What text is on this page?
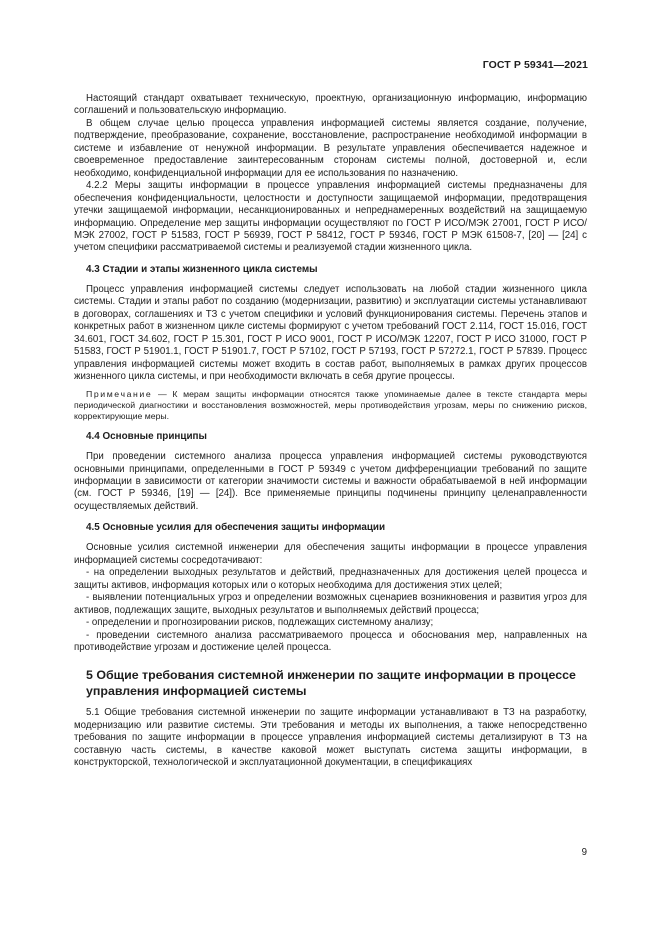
ГОСТ Р 59341—2021

Настоящий стандарт охватывает техническую, проектную, организационную информацию, информацию соглашений и пользовательскую информацию.

В общем случае целью процесса управления информацией системы является создание, получение, подтверждение, преобразование, сохранение, восстановление, распространение необходимой информации в системе и избавление от ненужной информации. В результате управления обеспечивается надежное и своевременное предоставление заинтересованным сторонам системы полной, достоверной и, если необходимо, конфиденциальной информации для ее использования по назначению.

4.2.2 Меры защиты информации в процессе управления информацией системы предназначены для обеспечения конфиденциальности, целостности и доступности защищаемой информации, предотвращения утечки защищаемой информации, несанкционированных и непреднамеренных воздействий на защищаемую информацию. Определение мер защиты информации осуществляют по ГОСТ Р ИСО/МЭК 27001, ГОСТ Р ИСО/МЭК 27002, ГОСТ Р 51583, ГОСТ Р 56939, ГОСТ Р 58412, ГОСТ Р 59346, ГОСТ Р МЭК 61508-7, [20] — [24] с учетом специфики рассматриваемой системы и реализуемой стадии жизненного цикла.

4.3 Стадии и этапы жизненного цикла системы

Процесс управления информацией системы следует использовать на любой стадии жизненного цикла системы. Стадии и этапы работ по созданию (модернизации, развитию) и эксплуатации системы устанавливают в договорах, соглашениях и ТЗ с учетом специфики и условий функционирования системы. Перечень этапов и конкретных работ в жизненном цикле системы формируют с учетом требований ГОСТ 2.114, ГОСТ 15.016, ГОСТ 34.601, ГОСТ 34.602, ГОСТ Р 15.301, ГОСТ Р ИСО 9001, ГОСТ Р ИСО/МЭК 12207, ГОСТ Р ИСО 31000, ГОСТ Р 51583, ГОСТ Р 51901.1, ГОСТ Р 51901.7, ГОСТ Р 57102, ГОСТ Р 57193, ГОСТ Р 57272.1, ГОСТ Р 57839. Процесс управления информацией системы может входить в состав работ, выполняемых в рамках других процессов жизненного цикла системы, и при необходимости включать в себя другие процессы.

Примечание — К мерам защиты информации относятся также упоминаемые далее в тексте стандарта меры периодической диагностики и восстановления возможностей, меры противодействия угрозам, меры по снижению рисков, корректирующие меры.
4.4 Основные принципы

При проведении системного анализа процесса управления информацией системы руководствуются основными принципами, определенными в ГОСТ Р 59349 с учетом дифференциации требований по защите информации в зависимости от категории значимости системы и важности обрабатываемой в ней информации (см. ГОСТ Р 59346, [19] — [24]). Все применяемые принципы подчинены принципу целенаправленности осуществляемых действий.

4.5 Основные усилия для обеспечения защиты информации

Основные усилия системной инженерии для обеспечения защиты информации в процессе управления информацией системы сосредотачивают:

- на определении выходных результатов и действий, предназначенных для достижения целей процесса и защиты активов, информация которых или о которых необходима для достижения этих целей;

- выявлении потенциальных угроз и определении возможных сценариев возникновения и развития угроз для активов, подлежащих защите, выходных результатов и выполняемых действий процесса;

- определении и прогнозировании рисков, подлежащих системному анализу;

- проведении системного анализа рассматриваемого процесса и обоснования мер, направленных на противодействие угрозам и достижение целей процесса.

5 Общие требования системной инженерии по защите информации в процессе управления информацией системы

5.1 Общие требования системной инженерии по защите информации устанавливают в ТЗ на разработку, модернизацию или развитие системы. Эти требования и методы их выполнения, а также непосредственно требования по защите информации в процессе управления информацией системы детализируют в ТЗ на составную часть системы, в качестве каковой может выступать система защиты информации, в конструкторской, технологической и эксплуатационной документации, в спецификациях

9
